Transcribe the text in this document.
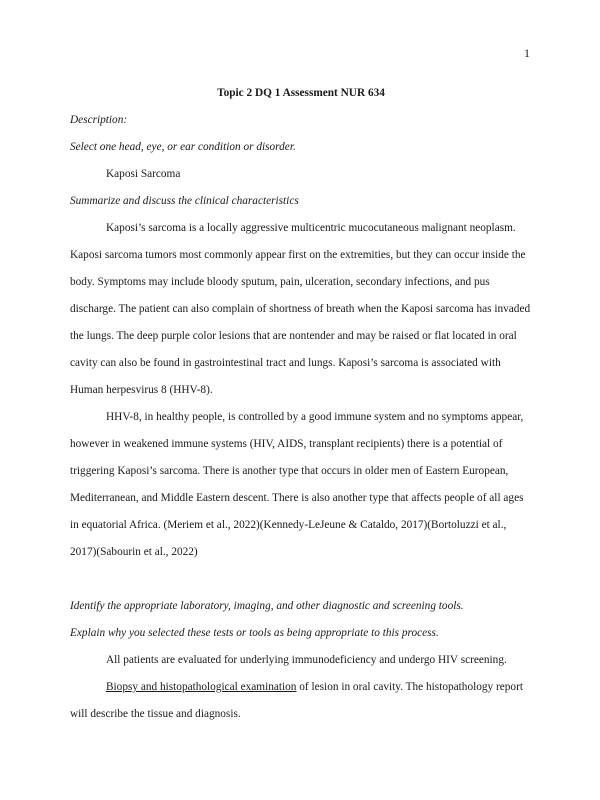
1

Topic 2 DQ 1 Assessment NUR 634

Description:

Select one head, eye, or ear condition or disorder.

Kaposi Sarcoma

Summarize and discuss the clinical characteristics

Kaposi’s sarcoma is a locally aggressive multicentric mucocutaneous malignant neoplasm. Kaposi sarcoma tumors most commonly appear first on the extremities, but they can occur inside the body. Symptoms may include bloody sputum, pain, ulceration, secondary infections, and pus discharge. The patient can also complain of shortness of breath when the Kaposi sarcoma has invaded the lungs. The deep purple color lesions that are nontender and may be raised or flat located in oral cavity can also be found in gastrointestinal tract and lungs. Kaposi’s sarcoma is associated with Human herpesvirus 8 (HHV-8).

HHV-8, in healthy people, is controlled by a good immune system and no symptoms appear, however in weakened immune systems (HIV, AIDS, transplant recipients) there is a potential of triggering Kaposi’s sarcoma. There is another type that occurs in older men of Eastern European, Mediterranean, and Middle Eastern descent. There is also another type that affects people of all ages in equatorial Africa. (Meriem et al., 2022)(Kennedy-LeJeune & Cataldo, 2017)(Bortoluzzi et al., 2017)(Sabourin et al., 2022)

Identify the appropriate laboratory, imaging, and other diagnostic and screening tools.

Explain why you selected these tests or tools as being appropriate to this process.

All patients are evaluated for underlying immunodeficiency and undergo HIV screening.

Biopsy and histopathological examination of lesion in oral cavity. The histopathology report will describe the tissue and diagnosis.
